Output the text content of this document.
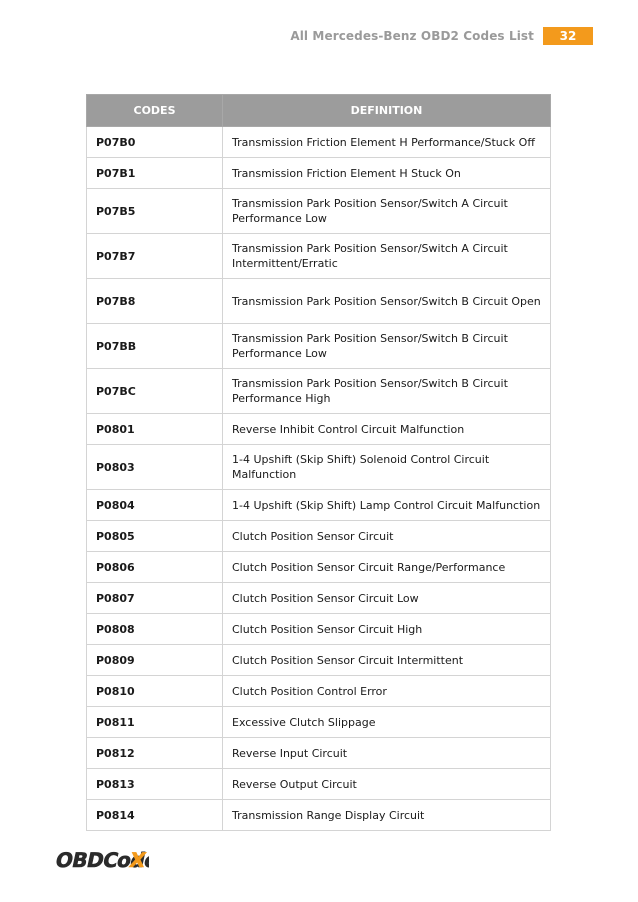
All Mercedes-Benz OBD2 Codes List	32
CODES	DEFINITION
P07B0	Transmission Friction Element H Performance/Stuck Off
P07B1	Transmission Friction Element H Stuck On
P07B5	Transmission Park Position Sensor/Switch A Circuit Performance Low
P07B7	Transmission Park Position Sensor/Switch A Circuit Intermittent/Erratic
P07B8	Transmission Park Position Sensor/Switch B Circuit Open
P07BB	Transmission Park Position Sensor/Switch B Circuit Performance Low
P07BC	Transmission Park Position Sensor/Switch B Circuit Performance High
P0801	Reverse Inhibit Control Circuit Malfunction
P0803	1-4 Upshift (Skip Shift) Solenoid Control Circuit Malfunction
P0804	1-4 Upshift (Skip Shift) Lamp Control Circuit Malfunction
P0805	Clutch Position Sensor Circuit
P0806	Clutch Position Sensor Circuit Range/Performance
P0807	Clutch Position Sensor Circuit Low
P0808	Clutch Position Sensor Circuit High
P0809	Clutch Position Sensor Circuit Intermittent
P0810	Clutch Position Control Error
P0811	Excessive Clutch Slippage
P0812	Reverse Input Circuit
P0813	Reverse Output Circuit
P0814	Transmission Range Display Circuit
OBDCode
X
